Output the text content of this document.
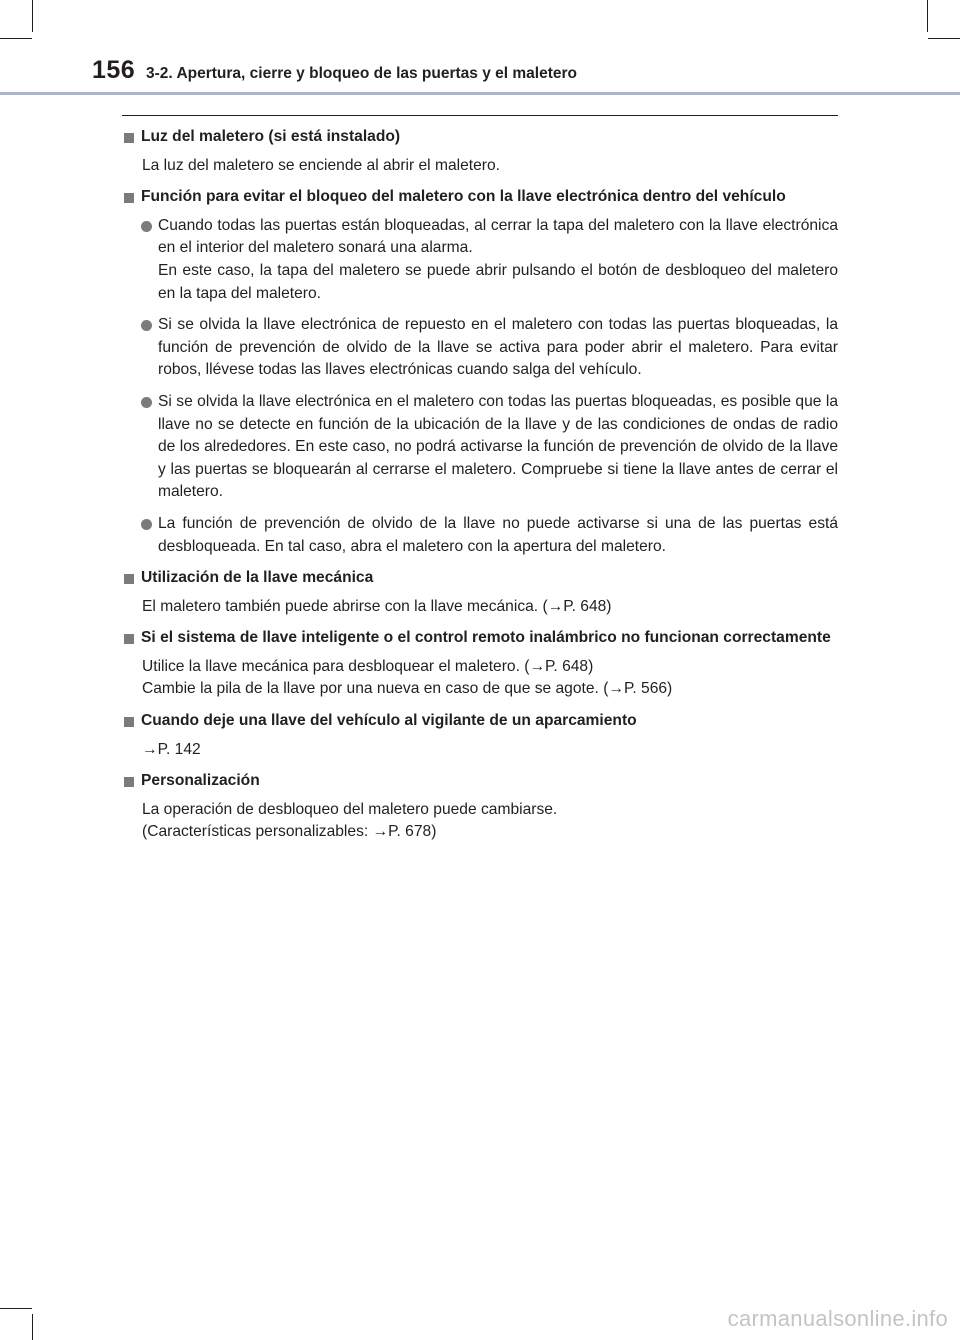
156 3-2. Apertura, cierre y bloqueo de las puertas y el maletero
Luz del maletero (si está instalado)

La luz del maletero se enciende al abrir el maletero.

Función para evitar el bloqueo del maletero con la llave electrónica dentro del vehículo

Cuando todas las puertas están bloqueadas, al cerrar la tapa del maletero con la llave electrónica en el interior del maletero sonará una alarma.

En este caso, la tapa del maletero se puede abrir pulsando el botón de desbloqueo del maletero en la tapa del maletero.

Si se olvida la llave electrónica de repuesto en el maletero con todas las puertas bloqueadas, la función de prevención de olvido de la llave se activa para poder abrir el maletero. Para evitar robos, llévese todas las llaves electrónicas cuando salga del vehículo.

Si se olvida la llave electrónica en el maletero con todas las puertas bloqueadas, es posible que la llave no se detecte en función de la ubicación de la llave y de las condiciones de ondas de radio de los alrededores. En este caso, no podrá activarse la función de prevención de olvido de la llave y las puertas se bloquearán al cerrarse el maletero. Compruebe si tiene la llave antes de cerrar el maletero.

La función de prevención de olvido de la llave no puede activarse si una de las puertas está desbloqueada. En tal caso, abra el maletero con la apertura del maletero.

Utilización de la llave mecánica

El maletero también puede abrirse con la llave mecánica. (→P. 648)

Si el sistema de llave inteligente o el control remoto inalámbrico no funcionan correctamente

Utilice la llave mecánica para desbloquear el maletero. (→P. 648)

Cambie la pila de la llave por una nueva en caso de que se agote. (→P. 566)

Cuando deje una llave del vehículo al vigilante de un aparcamiento

→P. 142

Personalización

La operación de desbloqueo del maletero puede cambiarse.

(Características personalizables: →P. 678)

carmanualsonline.info
